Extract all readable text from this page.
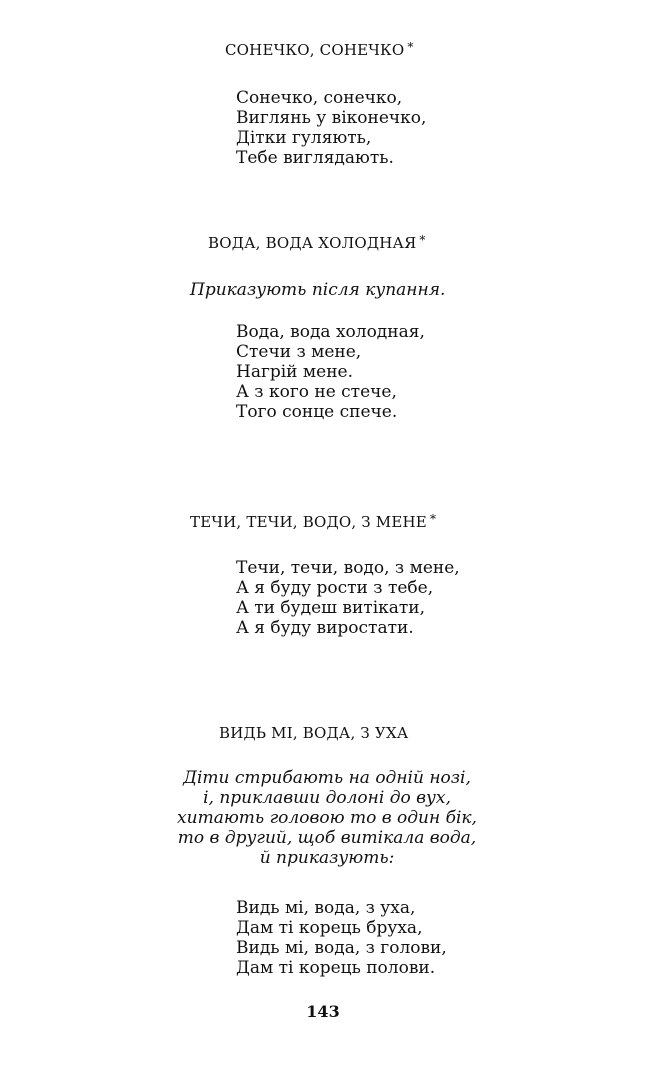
СОНЕЧКО, СОНЕЧКО *
Сонечко, сонечко,
Виглянь у віконечко,
Дітки гуляють,
Тебе виглядають.
ВОДА, ВОДА ХОЛОДНАЯ *
Приказують після купання.
Вода, вода холодная,
Стечи з мене,
Нагрій мене.
А з кого не стече,
Того сонце спече.
ТЕЧИ, ТЕЧИ, ВОДО, З МЕНЕ *
Течи, течи, водо, з мене,
А я буду рости з тебе,
А ти будеш витікати,
А я буду виростати.
ВИДЬ МІ, ВОДА, З УХА
Діти стрибають на одній нозі,
і, приклавши долоні до вух,
хитають головою то в один бік,
то в другий, щоб витікала вода,
й приказують:
Видь мі, вода, з уха,
Дам ті корець бруха,
Видь мі, вода, з голови,
Дам ті корець полови.
143
